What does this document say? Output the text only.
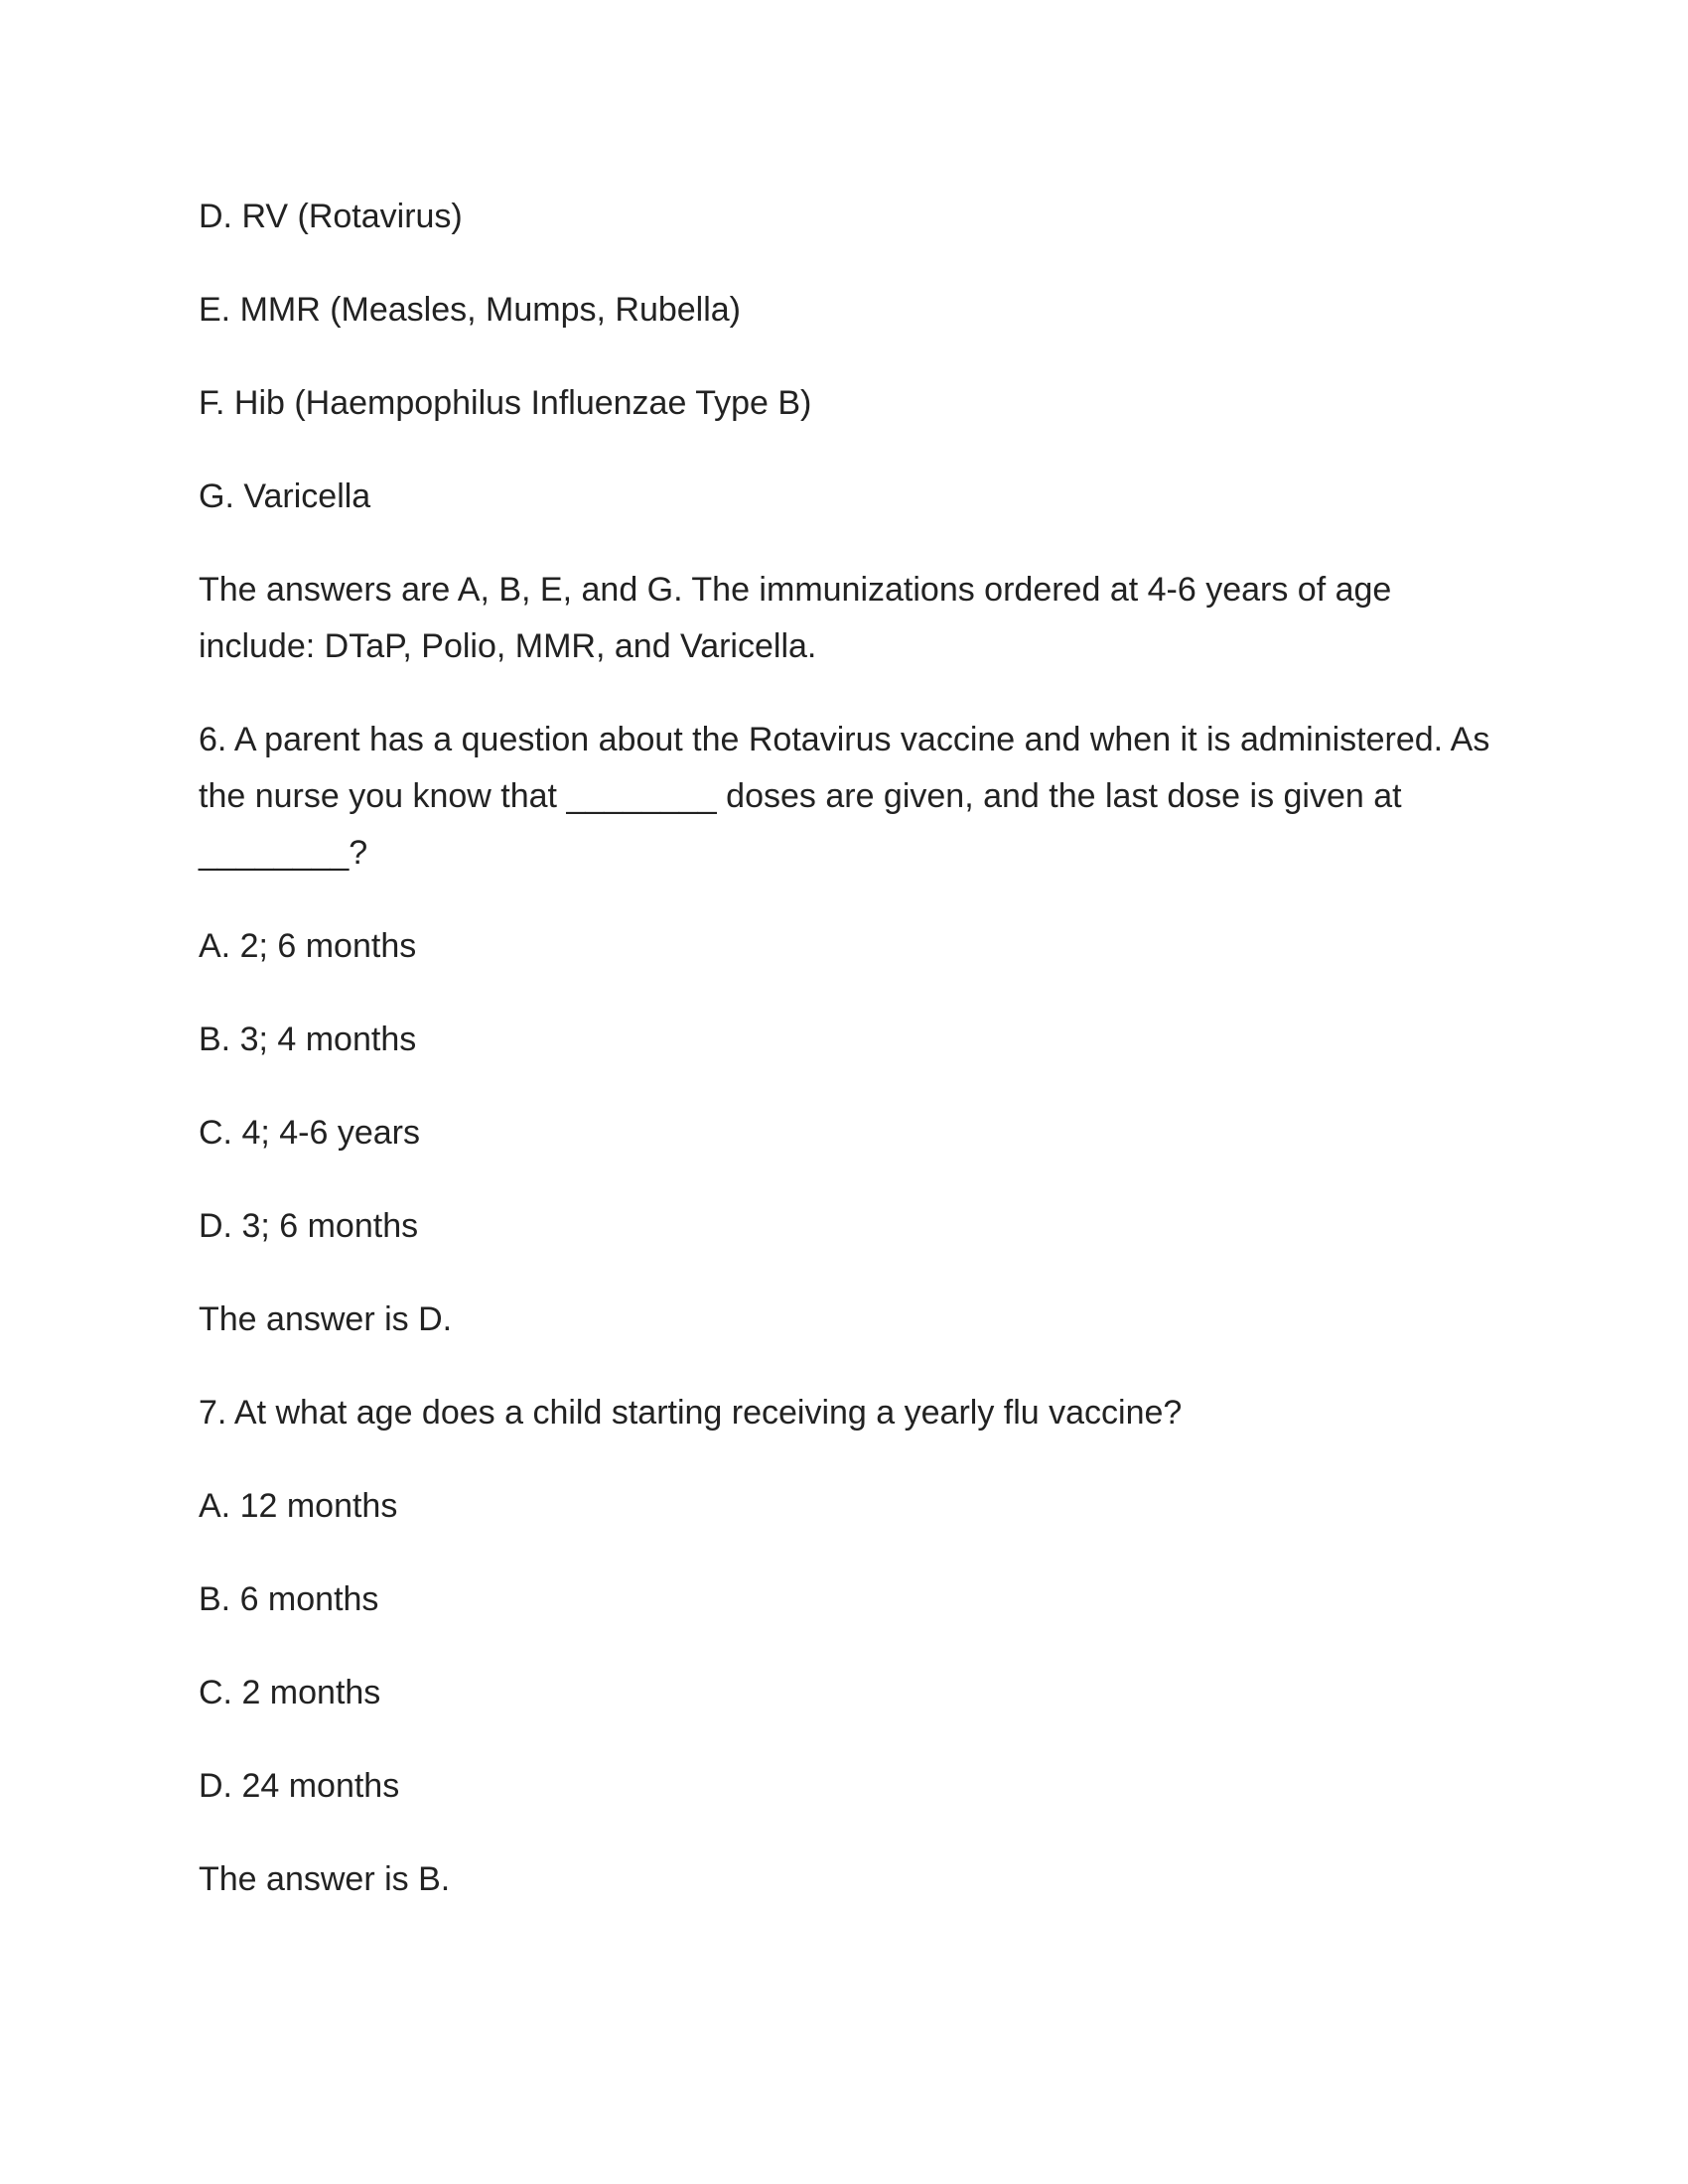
D. RV (Rotavirus)

E. MMR (Measles, Mumps, Rubella)

F. Hib (Haempophilus Influenzae Type B)

G. Varicella

The answers are A, B, E, and G. The immunizations ordered at 4-6 years of age

include: DTaP, Polio, MMR, and Varicella.

6. A parent has a question about the Rotavirus vaccine and when it is administered. As

the nurse you know that ________ doses are given, and the last dose is given at

________?

A. 2; 6 months

B. 3; 4 months

C. 4; 4-6 years

D. 3; 6 months

The answer is D.

7. At what age does a child starting receiving a yearly flu vaccine?

A. 12 months

B. 6 months

C. 2 months

D. 24 months

The answer is B.
